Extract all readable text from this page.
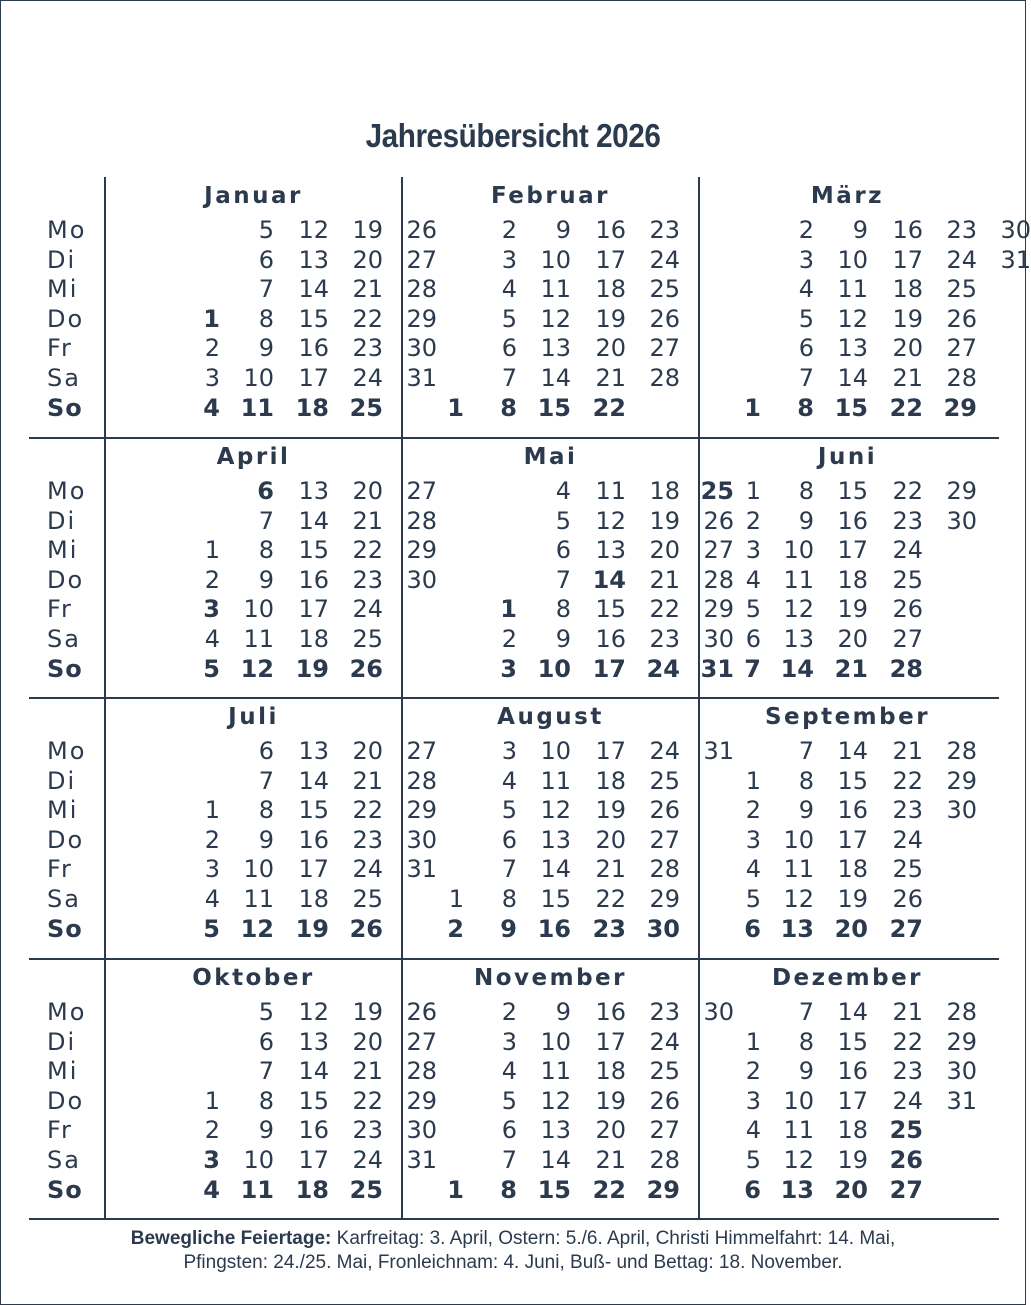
Jahresübersicht 2026
Mo
Di
Mi
Do
Fr
Sa
So
Mo
Di
Mi
Do
Fr
Sa
So
Mo
Di
Mi
Do
Fr
Sa
So
Mo
Di
Mi
Do
Fr
Sa
So
Januar
1
2
3
4
5
6
7
8
9
10
11
12
13
14
15
16
17
18
19
20
21
22
23
24
25
26
27
28
29
30
31
Februar
1
2
3
4
5
6
7
8
9
10
11
12
13
14
15
16
17
18
19
20
21
22
23
24
25
26
27
28
März
1
2
3
4
5
6
7
8
9
10
11
12
13
14
15
16
17
18
19
20
21
22
23
24
25
26
27
28
29
30
31
April
1
2
3
4
5
6
7
8
9
10
11
12
13
14
15
16
17
18
19
20
21
22
23
24
25
26
27
28
29
30
Mai
1
2
3
4
5
6
7
8
9
10
11
12
13
14
15
16
17
18
19
20
21
22
23
24
25
26
27
28
29
30
31
Juni
1
2
3
4
5
6
7
8
9
10
11
12
13
14
15
16
17
18
19
20
21
22
23
24
25
26
27
28
29
30
Juli
1
2
3
4
5
6
7
8
9
10
11
12
13
14
15
16
17
18
19
20
21
22
23
24
25
26
27
28
29
30
31
August
1
2
3
4
5
6
7
8
9
10
11
12
13
14
15
16
17
18
19
20
21
22
23
24
25
26
27
28
29
30
31
September
1
2
3
4
5
6
7
8
9
10
11
12
13
14
15
16
17
18
19
20
21
22
23
24
25
26
27
28
29
30
Oktober
1
2
3
4
5
6
7
8
9
10
11
12
13
14
15
16
17
18
19
20
21
22
23
24
25
26
27
28
29
30
31
November
1
2
3
4
5
6
7
8
9
10
11
12
13
14
15
16
17
18
19
20
21
22
23
24
25
26
27
28
29
30
Dezember
1
2
3
4
5
6
7
8
9
10
11
12
13
14
15
16
17
18
19
20
21
22
23
24
25
26
27
28
29
30
31
Bewegliche Feiertage: Karfreitag: 3. April, Ostern: 5./6. April, Christi Himmelfahrt: 14. Mai,
Pfingsten: 24./25. Mai, Fronleichnam: 4. Juni, Buß- und Bettag: 18. November.
